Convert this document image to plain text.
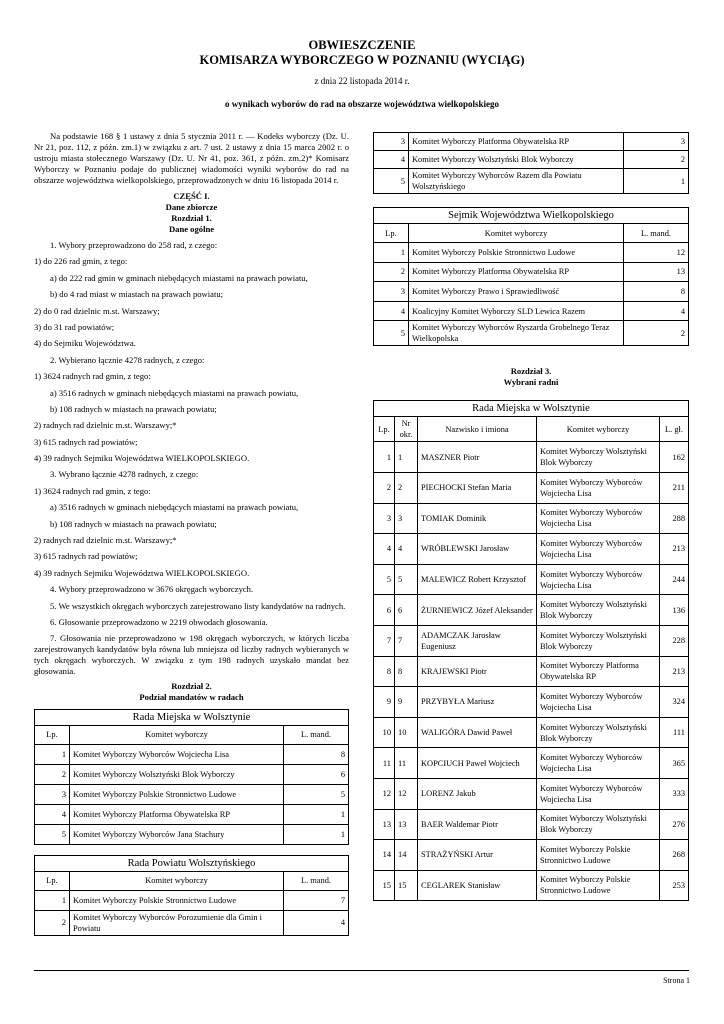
OBWIESZCZENIE
KOMISARZA WYBORCZEGO W POZNANIU (WYCIĄG)
z dnia 22 listopada 2014 r.
o wynikach wyborów do rad na obszarze województwa wielkopolskiego

Na podstawie 168 § 1 ustawy z dnia 5 stycznia 2011 r. — Kodeks wyborczy (Dz. U. Nr 21, poz. 112, z późn. zm.1) w związku z art. 7 ust. 2 ustawy z dnia 15 marca 2002 r. o ustroju miasta stołecznego Warszawy (Dz. U. Nr 41, poz. 361, z późn. zm.2)* Komisarz Wyborczy w Poznaniu podaje do publicznej wiadomości wyniki wyborów do rad na obszarze województwa wielkopolskiego, przeprowadzonych w dniu 16 listopada 2014 r.

CZĘŚĆ I.
Dane zbiorcze
Rozdział 1.
Dane ogólne

1. Wybory przeprowadzono do 258 rad, z czego:

1) do 226 rad gmin, z tego:

a) do 222 rad gmin w gminach niebędących miastami na prawach powiatu,

b) do 4 rad miast w miastach na prawach powiatu;

2) do 0 rad dzielnic m.st. Warszawy;

3) do 31 rad powiatów;

4) do Sejmiku Województwa.

2. Wybierano łącznie 4278 radnych, z czego:

1) 3624 radnych rad gmin, z tego:

a) 3516 radnych w gminach niebędących miastami na prawach powiatu,

b) 108 radnych w miastach na prawach powiatu;

2) radnych rad dzielnic m.st. Warszawy;*

3) 615 radnych rad powiatów;

4) 39 radnych Sejmiku Województwa WIELKOPOLSKIEGO.

3. Wybrano łącznie 4278 radnych, z czego:

1) 3624 radnych rad gmin, z tego:

a) 3516 radnych w gminach niebędących miastami na prawach powiatu,

b) 108 radnych w miastach na prawach powiatu;

2) radnych rad dzielnic m.st. Warszawy;*

3) 615 radnych rad powiatów;

4) 39 radnych Sejmiku Województwa WIELKOPOLSKIEGO.

4. Wybory przeprowadzono w 3676 okręgach wyborczych.

5. We wszystkich okręgach wyborczych zarejestrowano listy kandydatów na radnych.

6. Głosowanie przeprowadzono w 2219 obwodach głosowania.

7. Głosowania nie przeprowadzono w 198 okręgach wyborczych, w których liczba zarejestrowanych kandydatów była równa lub mniejsza od liczby radnych wybieranych w tych okręgach wyborczych. W związku z tym 198 radnych uzyskało mandat bez głosowania.

Rozdział 2.
Podział mandatów w radach
Rada Miejska w Wolsztynie		
Lp.	Komitet wyborczy	L. mand.
1	Komitet Wyborczy Wyborców Wojciecha Lisa	8
2	Komitet Wyborczy Wolsztyński Blok Wyborczy	6
3	Komitet Wyborczy Polskie Stronnictwo Ludowe	5
4	Komitet Wyborczy Platforma Obywatelska RP	1
5	Komitet Wyborczy Wyborców Jana Stachury	1
Rada Powiatu Wolsztyńskiego		
Lp.	Komitet wyborczy	L. mand.
1	Komitet Wyborczy Polskie Stronnictwo Ludowe	7
2	Komitet Wyborczy Wyborców Porozumienie dla Gmin i Powiatu	4
3	Komitet Wyborczy Platforma Obywatelska RP	3
4	Komitet Wyborczy Wolsztyński Blok Wyborczy	2
5	Komitet Wyborczy Wyborców Razem dla Powiatu Wolsztyńskiego	1
Sejmik Województwa Wielkopolskiego		
Lp.	Komitet wyborczy	L. mand.
1	Komitet Wyborczy Polskie Stronnictwo Ludowe	12
2	Komitet Wyborczy Platforma Obywatelska RP	13
3	Komitet Wyborczy Prawo i Sprawiedliwość	8
4	Koalicyjny Komitet Wyborczy SLD Lewica Razem	4
5	Komitet Wyborczy Wyborców Ryszarda Grobelnego Teraz Wielkopolska	2
Rozdział 3.
Wybrani radni
Rada Miejska w Wolsztynie				
Lp.	Nr okr.	Nazwisko i imiona	Komitet wyborczy	L. gł.
1	1	MASZNER Piotr	Komitet Wyborczy Wolsztyński Blok Wyborczy	162
2	2	PIECHOCKI Stefan Maria	Komitet Wyborczy Wyborców Wojciecha Lisa	211
3	3	TOMIAK Dominik	Komitet Wyborczy Wyborców Wojciecha Lisa	288
4	4	WRÓBLEWSKI Jarosław	Komitet Wyborczy Wyborców Wojciecha Lisa	213
5	5	MALEWICZ Robert Krzysztof	Komitet Wyborczy Wyborców Wojciecha Lisa	244
6	6	ŻURNIEWICZ Józef Aleksander	Komitet Wyborczy Wolsztyński Blok Wyborczy	136
7	7	ADAMCZAK Jarosław Eugeniusz	Komitet Wyborczy Wolsztyński Blok Wyborczy	228
8	8	KRAJEWSKI Piotr	Komitet Wyborczy Platforma Obywatelska RP	213
9	9	PRZYBYŁA Mariusz	Komitet Wyborczy Wyborców Wojciecha Lisa	324
10	10	WALIGÓRA Dawid Paweł	Komitet Wyborczy Wolsztyński Blok Wyborczy	111
11	11	KOPCIUCH Paweł Wojciech	Komitet Wyborczy Wyborców Wojciecha Lisa	365
12	12	LORENZ Jakub	Komitet Wyborczy Wyborców Wojciecha Lisa	333
13	13	BAER Waldemar Piotr	Komitet Wyborczy Wolsztyński Blok Wyborczy	276
14	14	STRAŻYŃSKI Artur	Komitet Wyborczy Polskie Stronnictwo Ludowe	268
15	15	CEGLAREK Stanisław	Komitet Wyborczy Polskie Stronnictwo Ludowe	253
Strona 1
